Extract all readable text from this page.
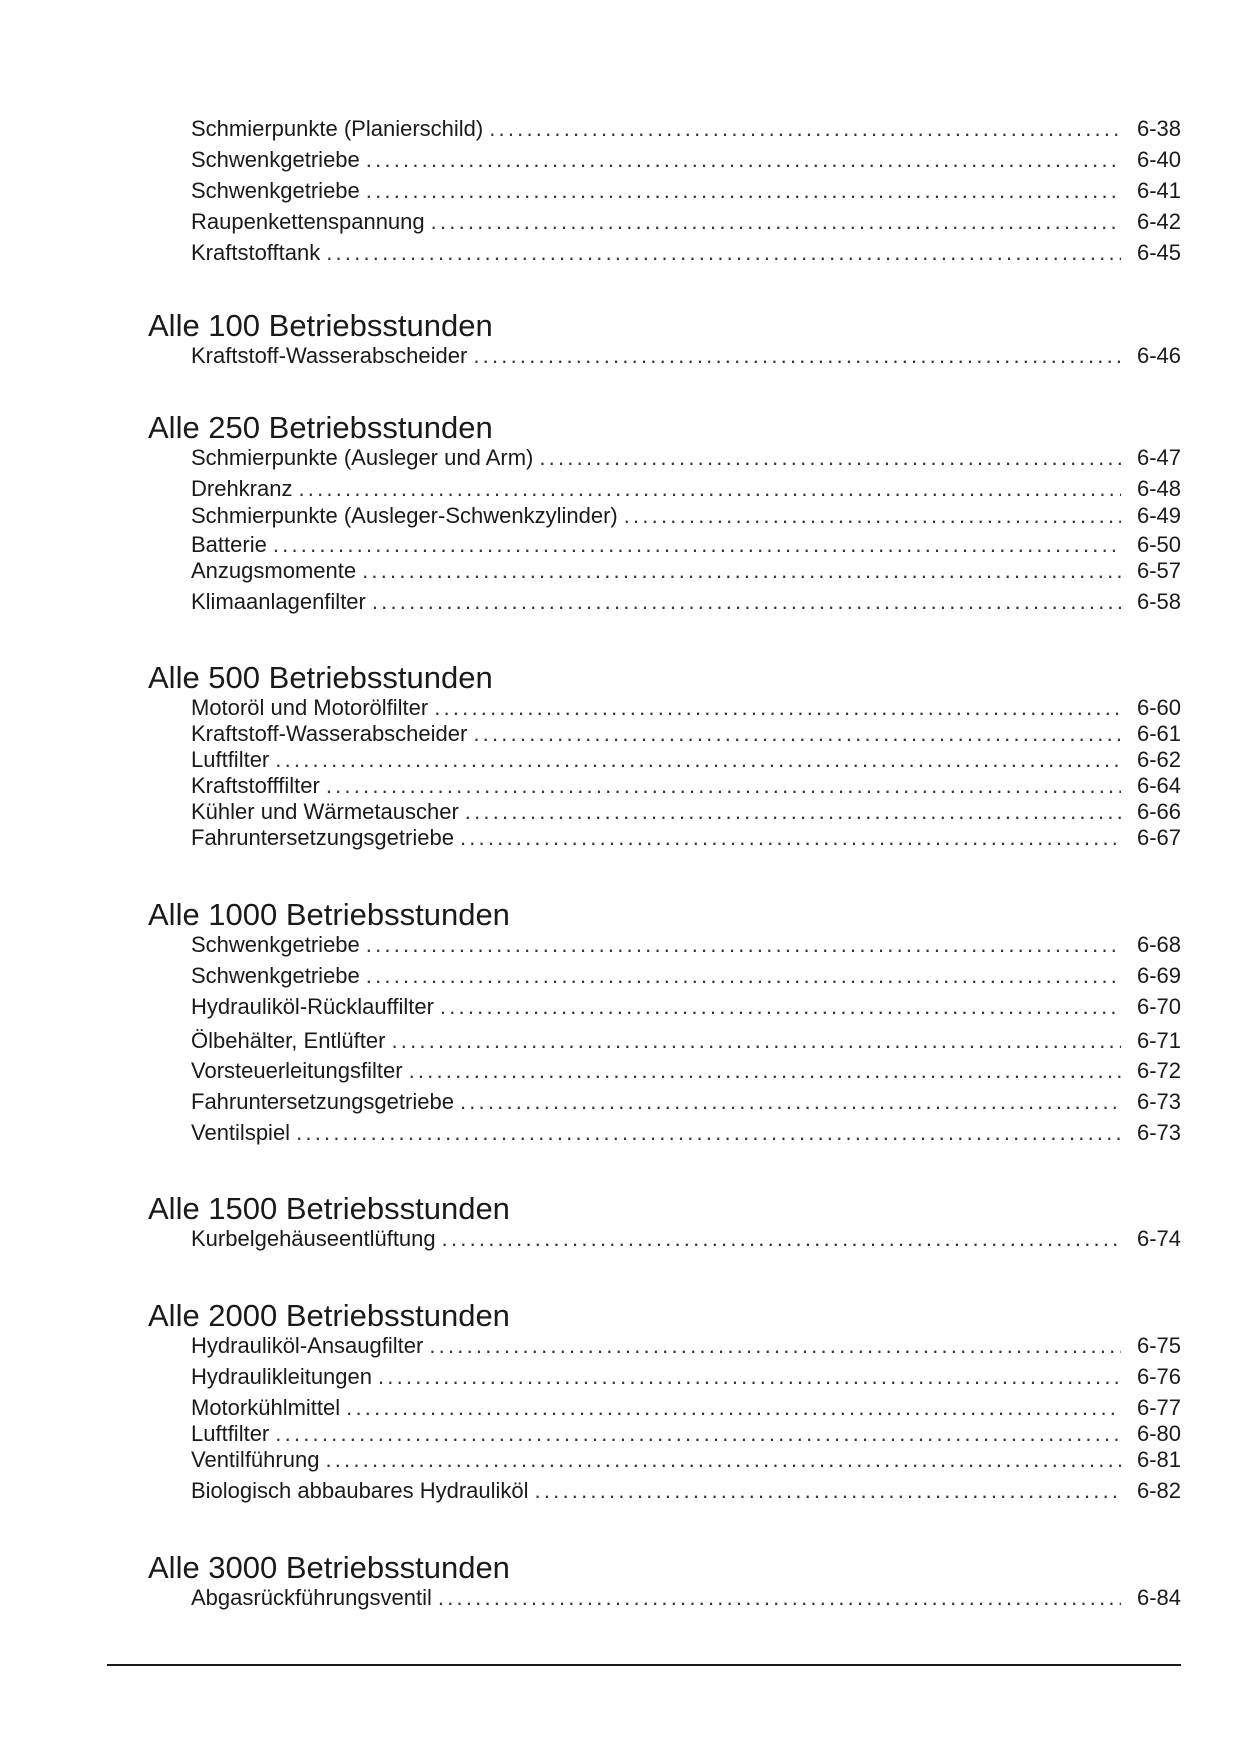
Schmierpunkte (Planierschild) .....	6-38
Schwenkgetriebe .....	6-40
Schwenkgetriebe .....	6-41
Raupenkettenspannung .....	6-42
Kraftstofftank .....	6-45
Alle 100 Betriebsstunden
Kraftstoff-Wasserabscheider .....	6-46
Alle 250 Betriebsstunden
Schmierpunkte (Ausleger und Arm) .....	6-47
Drehkranz .....	6-48
Schmierpunkte (Ausleger-Schwenkzylinder) .....	6-49
Batterie .....	6-50
Anzugsmomente .....	6-57
Klimaanlagenfilter .....	6-58
Alle 500 Betriebsstunden
Motoröl und Motorölfilter .....	6-60
Kraftstoff-Wasserabscheider .....	6-61
Luftfilter .....	6-62
Kraftstofffilter .....	6-64
Kühler und Wärmetauscher .....	6-66
Fahruntersetzungsgetriebe .....	6-67
Alle 1000 Betriebsstunden
Schwenkgetriebe .....	6-68
Schwenkgetriebe .....	6-69
Hydrauliköl-Rücklauffilter .....	6-70
Ölbehälter, Entlüfter .....	6-71
Vorsteuerleitungsfilter .....	6-72
Fahruntersetzungsgetriebe .....	6-73
Ventilspiel .....	6-73
Alle 1500 Betriebsstunden
Kurbelgehäuseentlüftung .....	6-74
Alle 2000 Betriebsstunden
Hydrauliköl-Ansaugfilter .....	6-75
Hydraulikleitungen .....	6-76
Motorkühlmittel .....	6-77
Luftfilter .....	6-80
Ventilführung .....	6-81
Biologisch abbaubares Hydrauliköl .....	6-82
Alle 3000 Betriebsstunden
Abgasrückführungsventil .....	6-84
